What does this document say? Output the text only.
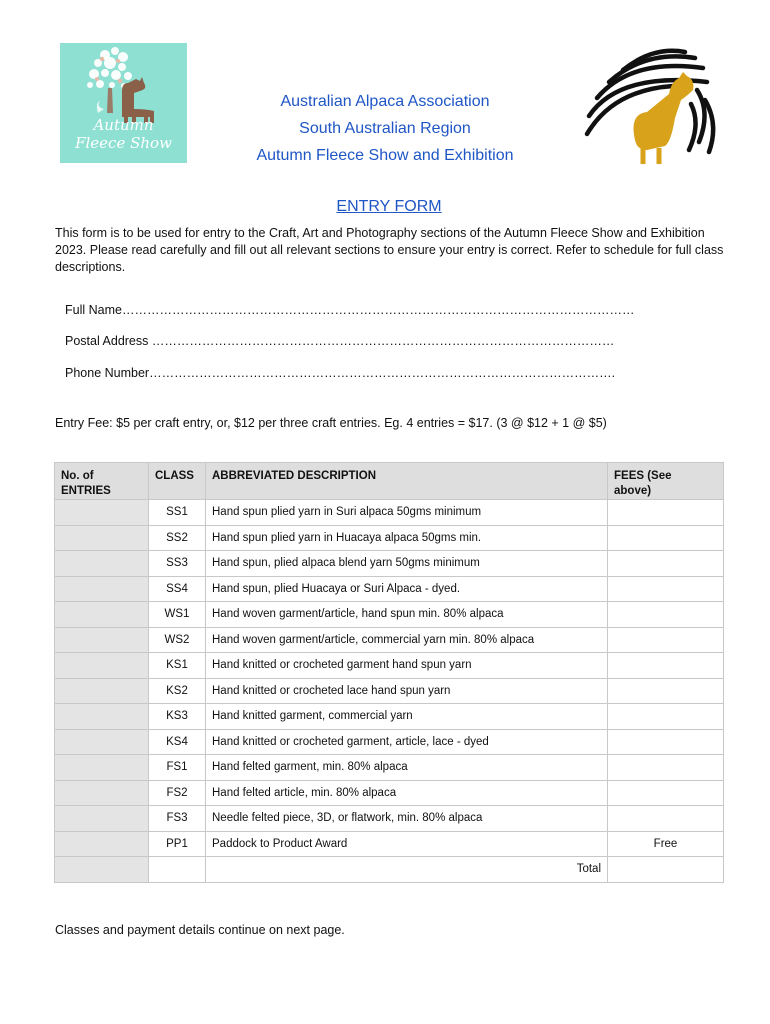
Autumn
Fleece Show
Australian Alpaca Association
South Australian Region
Autumn Fleece Show and Exhibition
ENTRY FORM
This form is to be used for entry to the Craft, Art and Photography sections of the Autumn Fleece Show and Exhibition 2023. Please read carefully and fill out all relevant sections to ensure your entry is correct. Refer to schedule for full class descriptions.
Full Name……………………………………………………………………………………………………………
Postal Address …………………………………………………………………………………………………
Phone Number………………………………………………………………………………………………….
Entry Fee: $5 per craft entry, or, $12 per three craft entries. Eg. 4 entries = $17. (3 @ $12 + 1 @ $5)
No. of
ENTRIES	CLASS	ABBREVIATED DESCRIPTION	FEES (See
above)
	SS1	Hand spun plied yarn in Suri alpaca 50gms minimum	
	SS2	Hand spun plied yarn in Huacaya alpaca 50gms min.	
	SS3	Hand spun, plied alpaca blend yarn 50gms minimum	
	SS4	Hand spun, plied Huacaya or Suri Alpaca - dyed.	
	WS1	Hand woven garment/article, hand spun min. 80% alpaca	
	WS2	Hand woven garment/article, commercial yarn min. 80% alpaca	
	KS1	Hand knitted or crocheted garment hand spun yarn	
	KS2	Hand knitted or crocheted lace hand spun yarn	
	KS3	Hand knitted garment, commercial yarn	
	KS4	Hand knitted or crocheted garment, article, lace - dyed	
	FS1	Hand felted garment, min. 80% alpaca	
	FS2	Hand felted article, min. 80% alpaca	
	FS3	Needle felted piece, 3D, or flatwork, min. 80% alpaca	
	PP1	Paddock to Product Award	Free
		Total	
Classes and payment details continue on next page.
